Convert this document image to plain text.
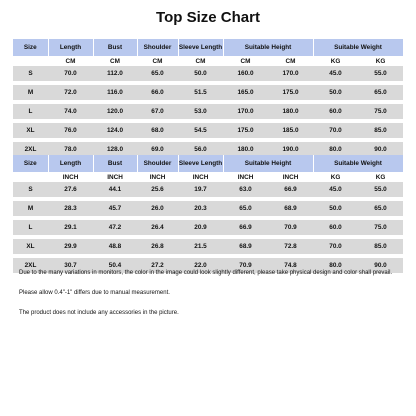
Top Size Chart
Size	Length	Bust	Shoulder	Sleeve Length	Suitable Height		Suitable Weight	
	CM	CM	CM	CM	CM	CM	KG	KG
S	70.0	112.0	65.0	50.0	160.0	170.0	45.0	55.0
M	72.0	116.0	66.0	51.5	165.0	175.0	50.0	65.0
L	74.0	120.0	67.0	53.0	170.0	180.0	60.0	75.0
XL	76.0	124.0	68.0	54.5	175.0	185.0	70.0	85.0
2XL	78.0	128.0	69.0	56.0	180.0	190.0	80.0	90.0
Size	Length	Bust	Shoulder	Sleeve Length	Suitable Height		Suitable Weight	
	INCH	INCH	INCH	INCH	INCH	INCH	KG	KG
S	27.6	44.1	25.6	19.7	63.0	66.9	45.0	55.0
M	28.3	45.7	26.0	20.3	65.0	68.9	50.0	65.0
L	29.1	47.2	26.4	20.9	66.9	70.9	60.0	75.0
XL	29.9	48.8	26.8	21.5	68.9	72.8	70.0	85.0
2XL	30.7	50.4	27.2	22.0	70.9	74.8	80.0	90.0

Due to the many variations in monitors, the color in the image could look slightly different, please take physical design and color shall prevail.

Please allow 0.4"-1" differs due to manual measurement.

The product does not include any accessories in the picture.
